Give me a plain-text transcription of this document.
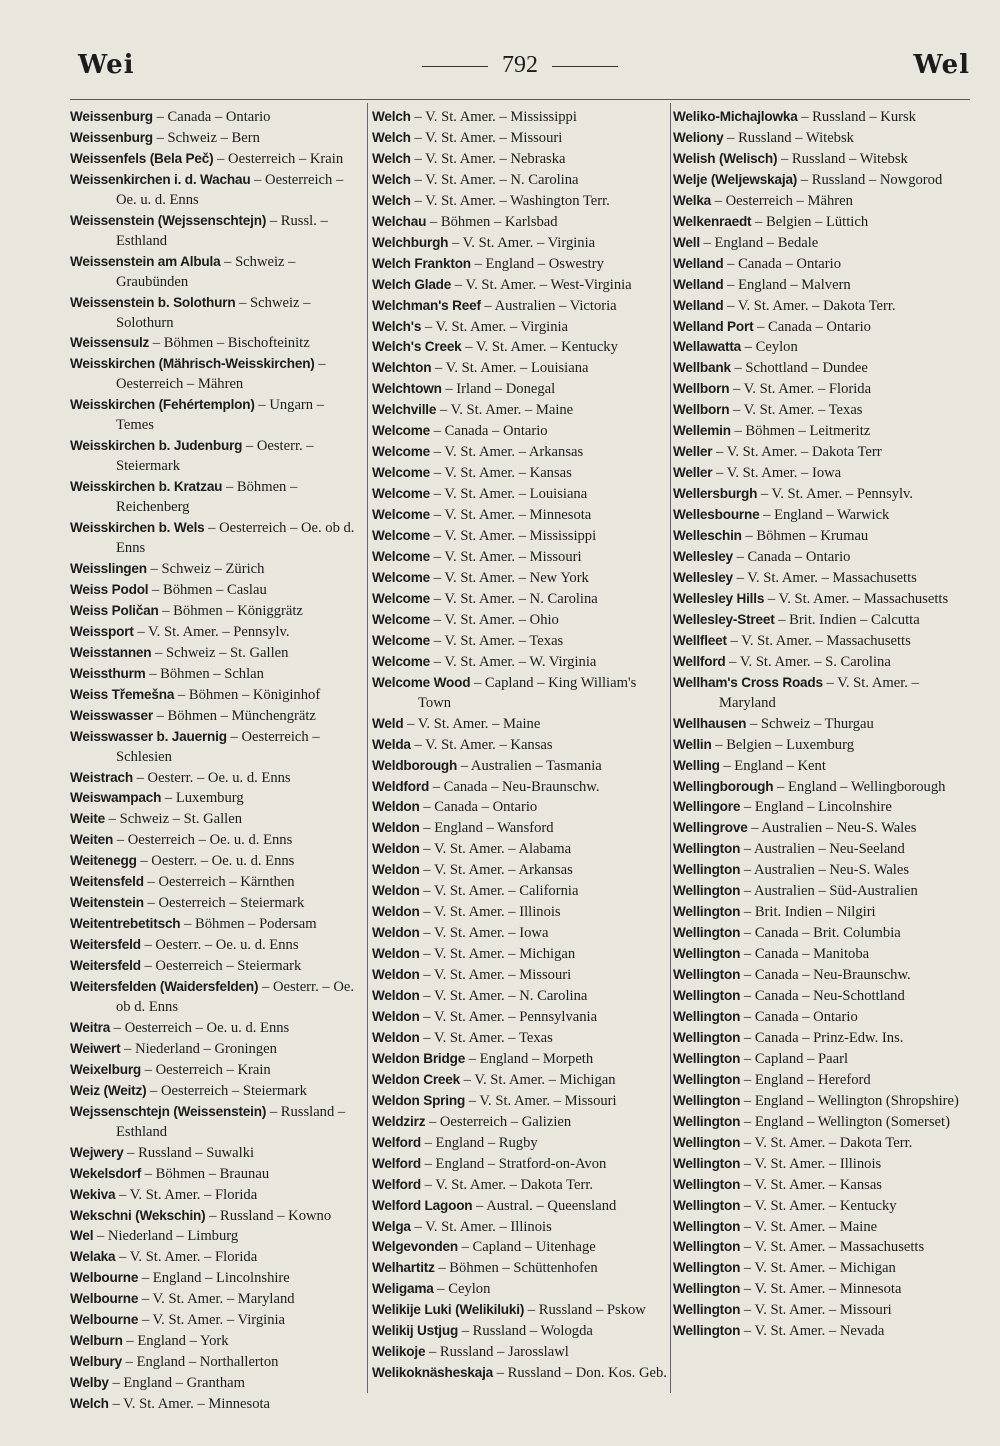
Wei	792	Wel
Weissenburg – Canada – Ontario
Weissenburg – Schweiz – Bern
Weissenfels (Bela Peč) – Oesterreich – Krain
Weissenkirchen i. d. Wachau – Oesterreich – Oe. u. d. Enns
Weissenstein (Wejssenschtejn) – Russl. – Esthland
Weissenstein am Albula – Schweiz – Graubünden
Weissenstein b. Solothurn – Schweiz – Solothurn
Weissensulz – Böhmen – Bischofteinitz
Weisskirchen (Mährisch-Weisskirchen) – Oesterreich – Mähren
Weisskirchen (Fehértemplon) – Ungarn – Temes
Weisskirchen b. Judenburg – Oesterr. – Steiermark
Weisskirchen b. Kratzau – Böhmen – Reichenberg
Weisskirchen b. Wels – Oesterreich – Oe. ob d. Enns
Weisslingen – Schweiz – Zürich
Weiss Podol – Böhmen – Caslau
Weiss Poličan – Böhmen – Königgrätz
Weissport – V. St. Amer. – Pennsylv.
Weisstannen – Schweiz – St. Gallen
Weissthurm – Böhmen – Schlan
Weiss Třemešna – Böhmen – Königinhof
Weisswasser – Böhmen – Münchengrätz
Weisswasser b. Jauernig – Oesterreich – Schlesien
Weistrach – Oesterr. – Oe. u. d. Enns
Weiswampach – Luxemburg
Weite – Schweiz – St. Gallen
Weiten – Oesterreich – Oe. u. d. Enns
Weitenegg – Oesterr. – Oe. u. d. Enns
Weitensfeld – Oesterreich – Kärnthen
Weitenstein – Oesterreich – Steiermark
Weitentrebetitsch – Böhmen – Podersam
Weitersfeld – Oesterr. – Oe. u. d. Enns
Weitersfeld – Oesterreich – Steiermark
Weitersfelden (Waidersfelden) – Oesterr. – Oe. ob d. Enns
Weitra – Oesterreich – Oe. u. d. Enns
Weiwert – Niederland – Groningen
Weixelburg – Oesterreich – Krain
Weiz (Weitz) – Oesterreich – Steiermark
Wejssenschtejn (Weissenstein) – Russland – Esthland
Wejwery – Russland – Suwalki
Wekelsdorf – Böhmen – Braunau
Wekiva – V. St. Amer. – Florida
Wekschni (Wekschin) – Russland – Kowno
Wel – Niederland – Limburg
Welaka – V. St. Amer. – Florida
Welbourne – England – Lincolnshire
Welbourne – V. St. Amer. – Maryland
Welbourne – V. St. Amer. – Virginia
Welburn – England – York
Welbury – England – Northallerton
Welby – England – Grantham
Welch – V. St. Amer. – Minnesota
Welch – V. St. Amer. – Mississippi
Welch – V. St. Amer. – Missouri
Welch – V. St. Amer. – Nebraska
Welch – V. St. Amer. – N. Carolina
Welch – V. St. Amer. – Washington Terr.
Welchau – Böhmen – Karlsbad
Welchburgh – V. St. Amer. – Virginia
Welch Frankton – England – Oswestry
Welch Glade – V. St. Amer. – West-Virginia
Welchman's Reef – Australien – Victoria
Welch's – V. St. Amer. – Virginia
Welch's Creek – V. St. Amer. – Kentucky
Welchton – V. St. Amer. – Louisiana
Welchtown – Irland – Donegal
Welchville – V. St. Amer. – Maine
Welcome – Canada – Ontario
Welcome – V. St. Amer. – Arkansas
Welcome – V. St. Amer. – Kansas
Welcome – V. St. Amer. – Louisiana
Welcome – V. St. Amer. – Minnesota
Welcome – V. St. Amer. – Mississippi
Welcome – V. St. Amer. – Missouri
Welcome – V. St. Amer. – New York
Welcome – V. St. Amer. – N. Carolina
Welcome – V. St. Amer. – Ohio
Welcome – V. St. Amer. – Texas
Welcome – V. St. Amer. – W. Virginia
Welcome Wood – Capland – King William's Town
Weld – V. St. Amer. – Maine
Welda – V. St. Amer. – Kansas
Weldborough – Australien – Tasmania
Weldford – Canada – Neu-Braunschw.
Weldon – Canada – Ontario
Weldon – England – Wansford
Weldon – V. St. Amer. – Alabama
Weldon – V. St. Amer. – Arkansas
Weldon – V. St. Amer. – California
Weldon – V. St. Amer. – Illinois
Weldon – V. St. Amer. – Iowa
Weldon – V. St. Amer. – Michigan
Weldon – V. St. Amer. – Missouri
Weldon – V. St. Amer. – N. Carolina
Weldon – V. St. Amer. – Pennsylvania
Weldon – V. St. Amer. – Texas
Weldon Bridge – England – Morpeth
Weldon Creek – V. St. Amer. – Michigan
Weldon Spring – V. St. Amer. – Missouri
Weldzirz – Oesterreich – Galizien
Welford – England – Rugby
Welford – England – Stratford-on-Avon
Welford – V. St. Amer. – Dakota Terr.
Welford Lagoon – Austral. – Queensland
Welga – V. St. Amer. – Illinois
Welgevonden – Capland – Uitenhage
Welhartitz – Böhmen – Schüttenhofen
Weligama – Ceylon
Welikije Luki (Welikiluki) – Russland – Pskow
Welikij Ustjug – Russland – Wologda
Welikoje – Russland – Jarosslawl
Welikoknäsheskaja – Russland – Don. Kos. Geb.
Weliko-Michajlowka – Russland – Kursk
Weliony – Russland – Witebsk
Welish (Welisch) – Russland – Witebsk
Welje (Weljewskaja) – Russland – Nowgorod
Welka – Oesterreich – Mähren
Welkenraedt – Belgien – Lüttich
Well – England – Bedale
Welland – Canada – Ontario
Welland – England – Malvern
Welland – V. St. Amer. – Dakota Terr.
Welland Port – Canada – Ontario
Wellawatta – Ceylon
Wellbank – Schottland – Dundee
Wellborn – V. St. Amer. – Florida
Wellborn – V. St. Amer. – Texas
Wellemin – Böhmen – Leitmeritz
Weller – V. St. Amer. – Dakota Terr
Weller – V. St. Amer. – Iowa
Wellersburgh – V. St. Amer. – Pennsylv.
Wellesbourne – England – Warwick
Welleschin – Böhmen – Krumau
Wellesley – Canada – Ontario
Wellesley – V. St. Amer. – Massachusetts
Wellesley Hills – V. St. Amer. – Massachusetts
Wellesley-Street – Brit. Indien – Calcutta
Wellfleet – V. St. Amer. – Massachusetts
Wellford – V. St. Amer. – S. Carolina
Wellham's Cross Roads – V. St. Amer. – Maryland
Wellhausen – Schweiz – Thurgau
Wellin – Belgien – Luxemburg
Welling – England – Kent
Wellingborough – England – Wellingborough
Wellingore – England – Lincolnshire
Wellingrove – Australien – Neu-S. Wales
Wellington – Australien – Neu-Seeland
Wellington – Australien – Neu-S. Wales
Wellington – Australien – Süd-Australien
Wellington – Brit. Indien – Nilgiri
Wellington – Canada – Brit. Columbia
Wellington – Canada – Manitoba
Wellington – Canada – Neu-Braunschw.
Wellington – Canada – Neu-Schottland
Wellington – Canada – Ontario
Wellington – Canada – Prinz-Edw. Ins.
Wellington – Capland – Paarl
Wellington – England – Hereford
Wellington – England – Wellington (Shropshire)
Wellington – England – Wellington (Somerset)
Wellington – V. St. Amer. – Dakota Terr.
Wellington – V. St. Amer. – Illinois
Wellington – V. St. Amer. – Kansas
Wellington – V. St. Amer. – Kentucky
Wellington – V. St. Amer. – Maine
Wellington – V. St. Amer. – Massachusetts
Wellington – V. St. Amer. – Michigan
Wellington – V. St. Amer. – Minnesota
Wellington – V. St. Amer. – Missouri
Wellington – V. St. Amer. – Nevada
